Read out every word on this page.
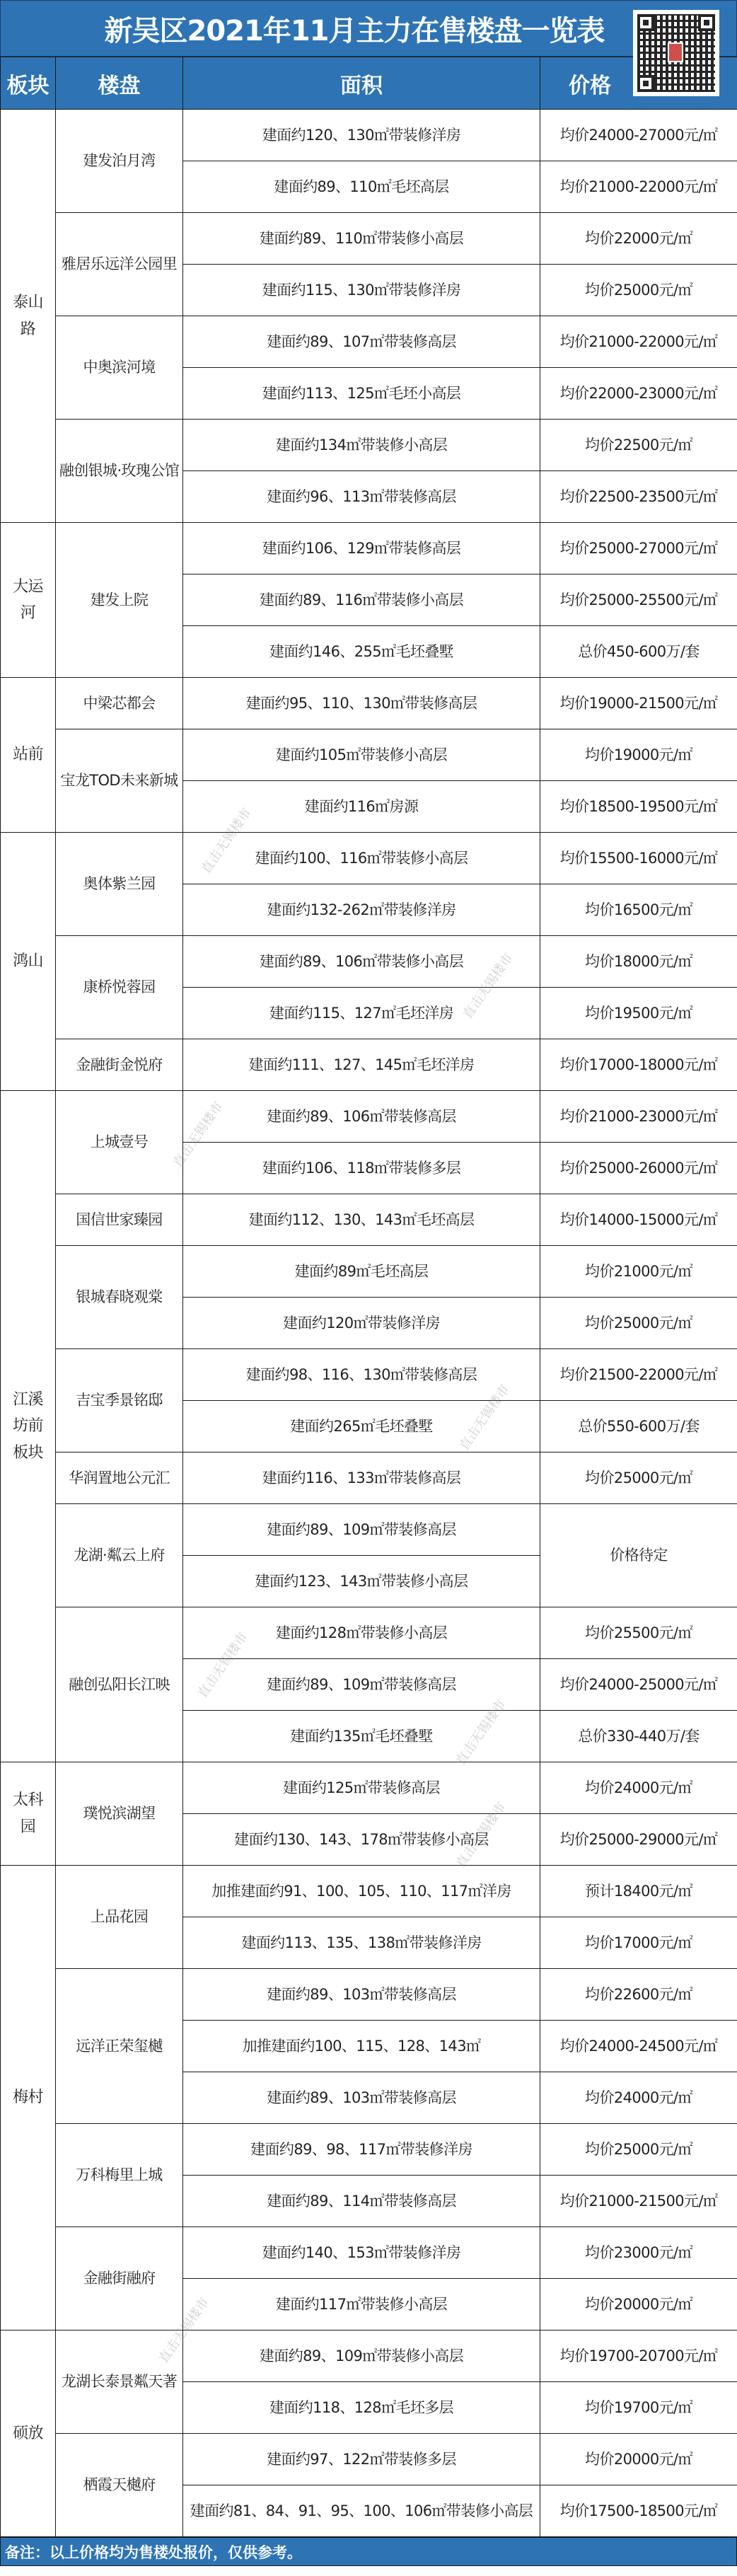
新吴区2021年11月主力在售楼盘一览表
板块	楼盘	面积	价格
泰山路	建发泊月湾	建面约120、130㎡带装修洋房	均价24000-27000元/㎡
		建面约89、110㎡毛坯高层	均价21000-22000元/㎡
	雅居乐远洋公园里	建面约89、110㎡带装修小高层	均价22000元/㎡
		建面约115、130㎡带装修洋房	均价25000元/㎡
	中奥滨河境	建面约89、107㎡带装修高层	均价21000-22000元/㎡
		建面约113、125㎡毛坯小高层	均价22000-23000元/㎡
	融创银城·玫瑰公馆	建面约134㎡带装修小高层	均价22500元/㎡
		建面约96、113㎡带装修高层	均价22500-23500元/㎡
大运河	建发上院	建面约106、129㎡带装修高层	均价25000-27000元/㎡
		建面约89、116㎡带装修小高层	均价25000-25500元/㎡
		建面约146、255㎡毛坯叠墅	总价450-600万/套
站前	中梁芯都会	建面约95、110、130㎡带装修高层	均价19000-21500元/㎡
	宝龙TOD未来新城	建面约105㎡带装修小高层	均价19000元/㎡
		建面约116㎡房源	均价18500-19500元/㎡
鸿山	奥体紫兰园	建面约100、116㎡带装修小高层	均价15500-16000元/㎡
		建面约132-262㎡带装修洋房	均价16500元/㎡
	康桥悦蓉园	建面约89、106㎡带装修小高层	均价18000元/㎡
		建面约115、127㎡毛坯洋房	均价19500元/㎡
	金融街金悦府	建面约111、127、145㎡毛坯洋房	均价17000-18000元/㎡
江溪坊前板块	上城壹号	建面约89、106㎡带装修高层	均价21000-23000元/㎡
		建面约106、118㎡带装修多层	均价25000-26000元/㎡
	国信世家臻园	建面约112、130、143㎡毛坯高层	均价14000-15000元/㎡
	银城春晓观棠	建面约89㎡毛坯高层	均价21000元/㎡
		建面约120㎡带装修洋房	均价25000元/㎡
	吉宝季景铭邸	建面约98、116、130㎡带装修高层	均价21500-22000元/㎡
		建面约265㎡毛坯叠墅	总价550-600万/套
	华润置地公元汇	建面约116、133㎡带装修高层	均价25000元/㎡
	龙湖·粼云上府	建面约89、109㎡带装修高层	价格待定
		建面约123、143㎡带装修小高层	
	融创弘阳长江映	建面约128㎡带装修小高层	均价25500元/㎡
		建面约89、109㎡带装修高层	均价24000-25000元/㎡
		建面约135㎡毛坯叠墅	总价330-440万/套
太科园	璞悦滨湖望	建面约125㎡带装修高层	均价24000元/㎡
		建面约130、143、178㎡带装修小高层	均价25000-29000元/㎡
梅村	上品花园	加推建面约91、100、105、110、117㎡洋房	预计18400元/㎡
		建面约113、135、138㎡带装修洋房	均价17000元/㎡
	远洋正荣玺樾	建面约89、103㎡带装修高层	均价22600元/㎡
		加推建面约100、115、128、143㎡	均价24000-24500元/㎡
		建面约89、103㎡带装修高层	均价24000元/㎡
	万科梅里上城	建面约89、98、117㎡带装修洋房	均价25000元/㎡
		建面约89、114㎡带装修高层	均价21000-21500元/㎡
	金融街融府	建面约140、153㎡带装修洋房	均价23000元/㎡
		建面约117㎡带装修小高层	均价20000元/㎡
硕放	龙湖长泰景粼天著	建面约89、109㎡带装修小高层	均价19700-20700元/㎡
		建面约118、128㎡毛坯多层	均价19700元/㎡
	栖霞天樾府	建面约97、122㎡带装修多层	均价20000元/㎡
		建面约81、84、91、95、100、106㎡带装修小高层	均价17500-18500元/㎡
备注：以上价格均为售楼处报价，仅供参考。
直击无锡楼市
直击无锡楼市
直击无锡楼市
直击无锡楼市
直击无锡楼市
直击无锡楼市
直击无锡楼市
直击无锡楼市
